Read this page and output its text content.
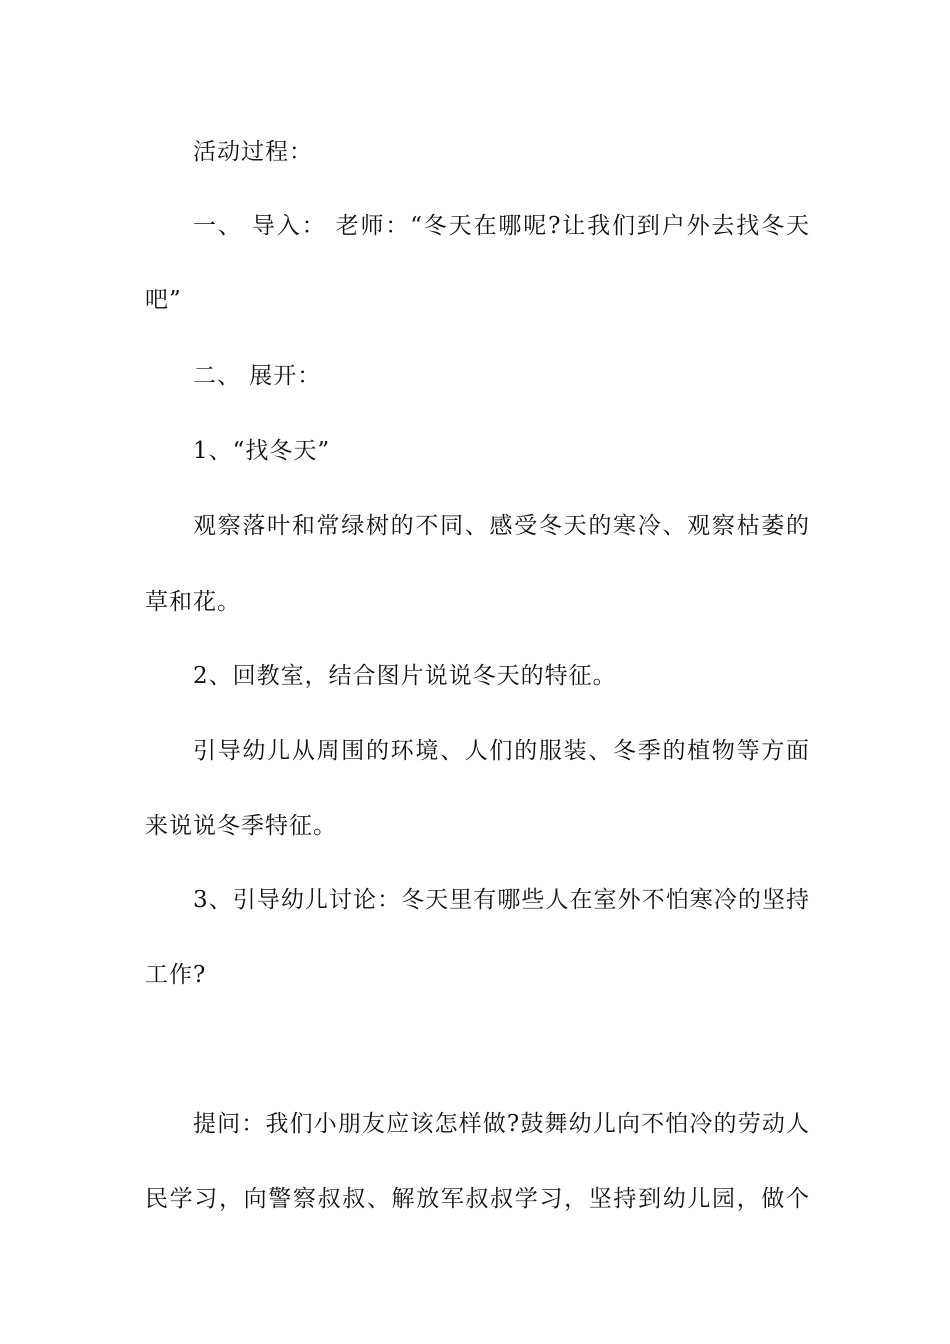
活动过程：
一、 导入： 老师：“冬天在哪呢?让我们到户外去找冬天
吧”
二、 展开：
1、“找冬天”
观察落叶和常绿树的不同、感受冬天的寒冷、观察枯萎的
草和花。
2、回教室，结合图片说说冬天的特征。
引导幼儿从周围的环境、人们的服装、冬季的植物等方面
来说说冬季特征。
3、引导幼儿讨论：冬天里有哪些人在室外不怕寒冷的坚持
工作?
提问：我们小朋友应该怎样做?鼓舞幼儿向不怕冷的劳动人
民学习，向警察叔叔、解放军叔叔学习，坚持到幼儿园，做个
